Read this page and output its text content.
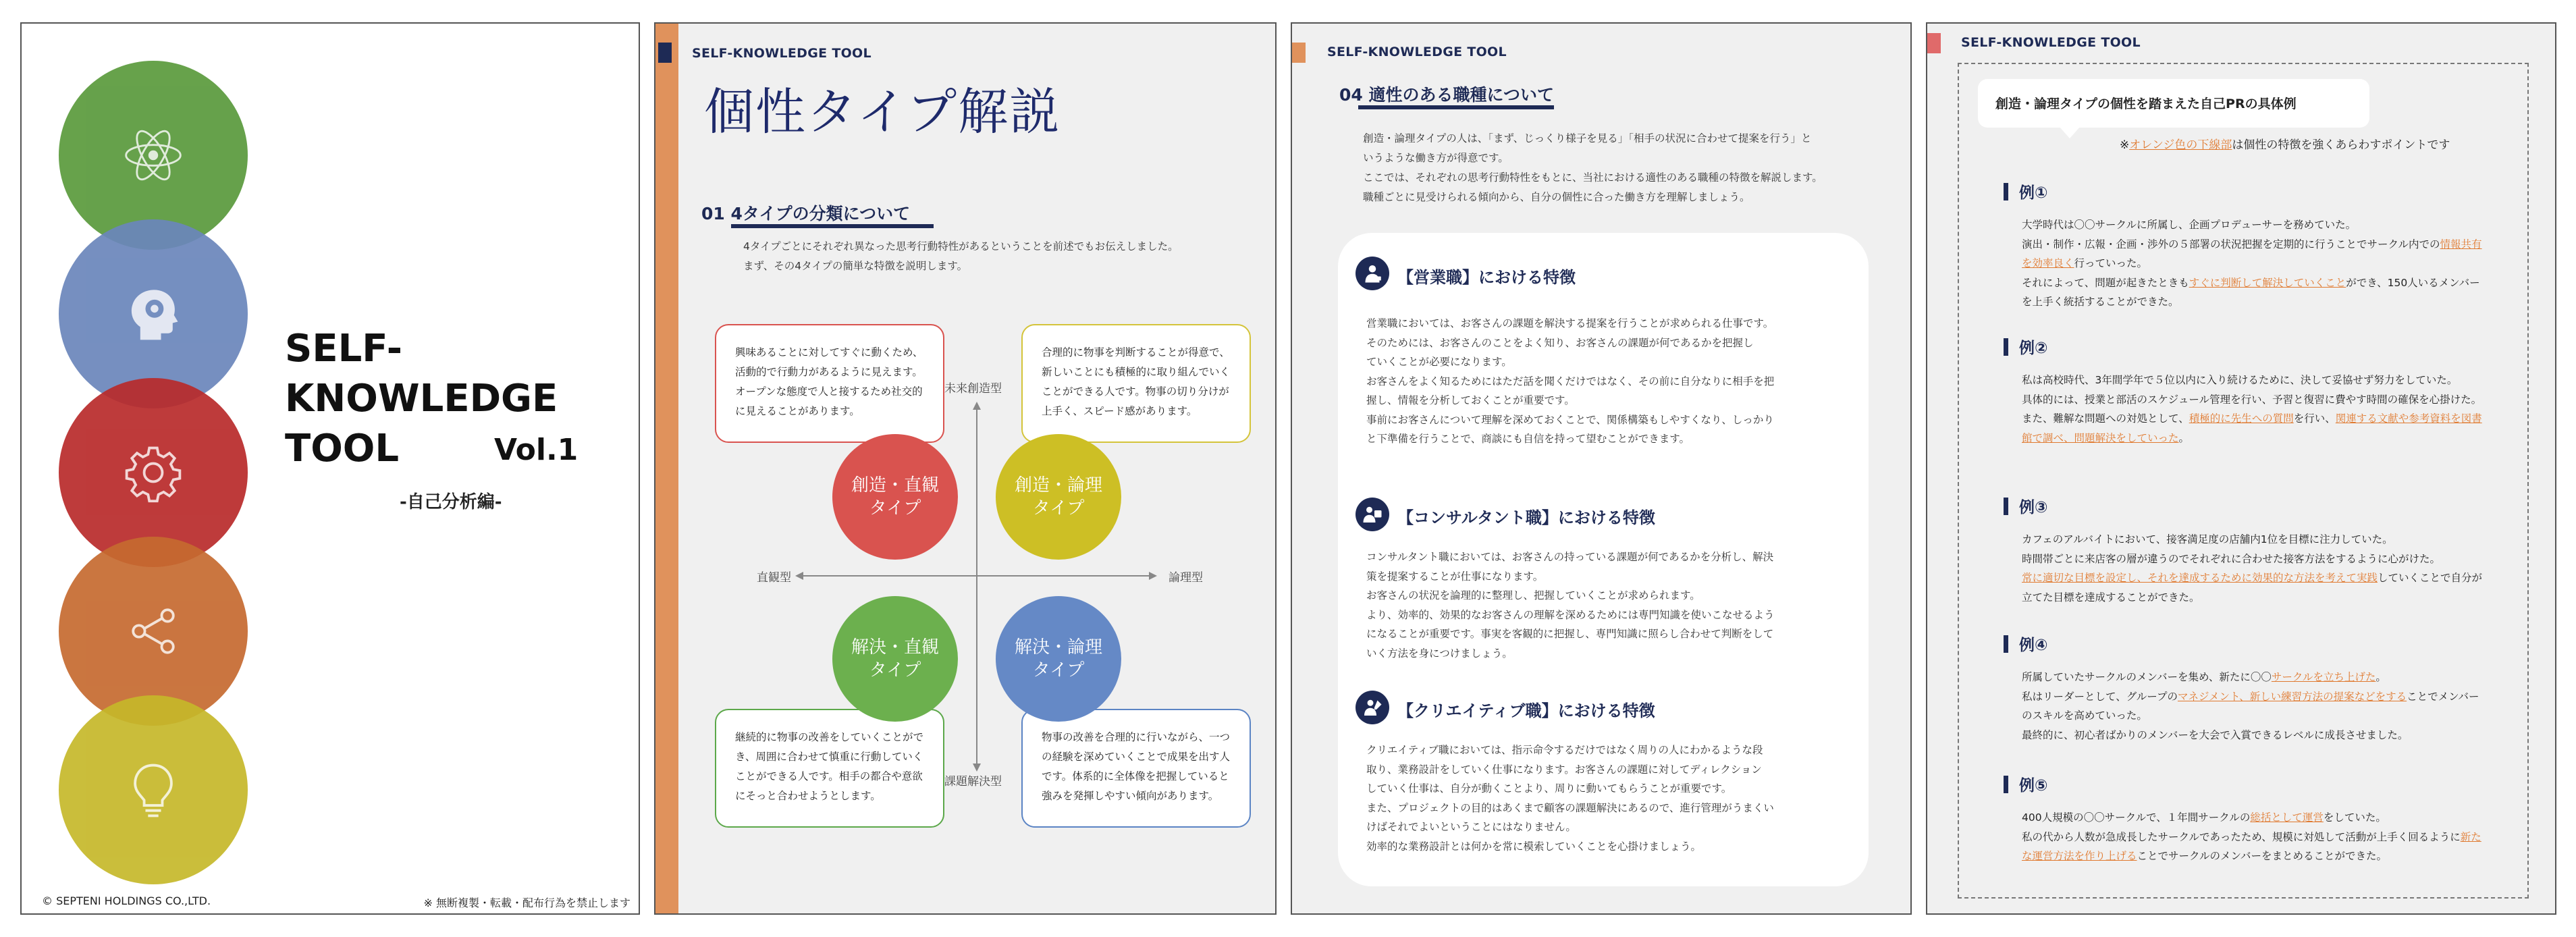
SELF-
KNOWLEDGE
TOOL	Vol.1
-自己分析編-
© SEPTENI HOLDINGS CO.,LTD.	※ 無断複製・転載・配布行為を禁止します
SELF-KNOWLEDGE TOOL
個性タイプ解説
01 4タイプの分類について
4タイプごとにそれぞれ異なった思考行動特性があるということを前述でもお伝えしました。
まず、その4タイプの簡単な特徴を説明します。
興味あることに対してすぐに動くため、
活動的で行動力があるように見えます。
オープンな態度で人と接するため社交的
に見えることがあります。
合理的に物事を判断することが得意で、
新しいことにも積極的に取り組んでいく
ことができる人です。物事の切り分けが
上手く、スピード感があります。
継続的に物事の改善をしていくことがで
き、周囲に合わせて慎重に行動していく
ことができる人です。相手の都合や意欲
にそっと合わせようとします。
物事の改善を合理的に行いながら、一つ
の経験を深めていくことで成果を出す人
です。体系的に全体像を把握していると
強みを発揮しやすい傾向があります。
創造・直観
タイプ
創造・論理
タイプ
解決・直観
タイプ
解決・論理
タイプ
未来創造型
課題解決型
直観型	論理型
SELF-KNOWLEDGE TOOL
04 適性のある職種について
創造・論理タイプの人は、「まず、じっくり様子を見る」「相手の状況に合わせて提案を行う」と
いうような働き方が得意です。
ここでは、それぞれの思考行動特性をもとに、当社における適性のある職種の特徴を解説します。
職種ごとに見受けられる傾向から、自分の個性に合った働き方を理解しましょう。
【営業職】における特徴
営業職においては、お客さんの課題を解決する提案を行うことが求められる仕事です。
そのためには、お客さんのことをよく知り、お客さんの課題が何であるかを把握し
ていくことが必要になります。
お客さんをよく知るためにはただ話を聞くだけではなく、その前に自分なりに相手を把
握し、情報を分析しておくことが重要です。
事前にお客さんについて理解を深めておくことで、関係構築もしやすくなり、しっかり
と下準備を行うことで、商談にも自信を持って望むことができます。
【コンサルタント職】における特徴
コンサルタント職においては、お客さんの持っている課題が何であるかを分析し、解決
策を提案することが仕事になります。
お客さんの状況を論理的に整理し、把握していくことが求められます。
より、効率的、効果的なお客さんの理解を深めるためには専門知識を使いこなせるよう
になることが重要です。事実を客観的に把握し、専門知識に照らし合わせて判断をして
いく方法を身につけましょう。
【クリエイティブ職】における特徴
クリエイティブ職においては、指示命令するだけではなく周りの人にわかるような段
取り、業務設計をしていく仕事になります。お客さんの課題に対してディレクション
していく仕事は、自分が動くことより、周りに動いてもらうことが重要です。
また、プロジェクトの目的はあくまで顧客の課題解決にあるので、進行管理がうまくい
けばそれでよいということにはなりません。
効率的な業務設計とは何かを常に模索していくことを心掛けましょう。
SELF-KNOWLEDGE TOOL
創造・論理タイプの個性を踏まえた自己PRの具体例
※オレンジ色の下線部は個性の特徴を強くあらわすポイントです
例①
大学時代は〇〇サークルに所属し、企画プロデューサーを務めていた。
演出・制作・広報・企画・渉外の５部署の状況把握を定期的に行うことでサークル内での情報共有
を効率良く行っていった。
それによって、問題が起きたときもすぐに判断して解決していくことができ、150人いるメンバー
を上手く統括することができた。
例②
私は高校時代、3年間学年で５位以内に入り続けるために、決して妥協せず努力をしていた。
具体的には、授業と部活のスケジュール管理を行い、予習と復習に費やす時間の確保を心掛けた。
また、難解な問題への対処として、積極的に先生への質問を行い、関連する文献や参考資料を図書
館で調べ、問題解決をしていった。
例③
カフェのアルバイトにおいて、接客満足度の店舗内1位を目標に注力していた。
時間帯ごとに来店客の層が違うのでそれぞれに合わせた接客方法をするように心がけた。
常に適切な目標を設定し、それを達成するために効果的な方法を考えて実践していくことで自分が
立てた目標を達成することができた。
例④
所属していたサークルのメンバーを集め、新たに〇〇サークルを立ち上げた。
私はリーダーとして、グループのマネジメント、新しい練習方法の提案などをすることでメンバー
のスキルを高めていった。
最終的に、初心者ばかりのメンバーを大会で入賞できるレベルに成長させました。
例⑤
400人規模の〇〇サークルで、１年間サークルの総括として運営をしていた。
私の代から人数が急成長したサークルであったため、規模に対処して活動が上手く回るように新た
な運営方法を作り上げることでサークルのメンバーをまとめることができた。
